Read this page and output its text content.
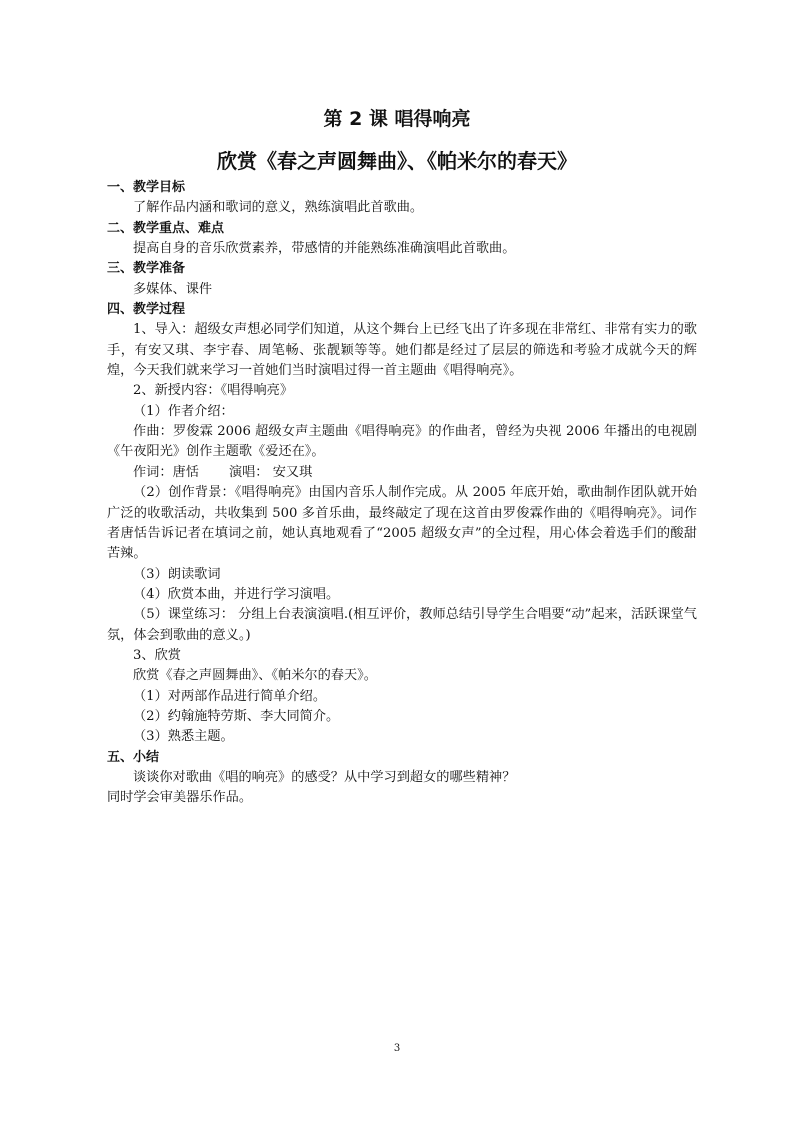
第 2 课 唱得响亮
欣赏《春之声圆舞曲》、《帕米尔的春天》
一、教学目标
了解作品内涵和歌词的意义，熟练演唱此首歌曲。
二、教学重点、难点
提高自身的音乐欣赏素养，带感情的并能熟练准确演唱此首歌曲。
三、教学准备
多媒体、课件
四、教学过程
1、导入：超级女声想必同学们知道，从这个舞台上已经飞出了许多现在非常红、非常有实力的歌手，有安又琪、李宇春、周笔畅、张靓颖等等。她们都是经过了层层的筛选和考验才成就今天的辉煌，今天我们就来学习一首她们当时演唱过得一首主题曲《唱得响亮》。
2、新授内容：《唱得响亮》
（1）作者介绍：
作曲：罗俊霖 2006 超级女声主题曲《唱得响亮》的作曲者，曾经为央视 2006 年播出的电视剧《午夜阳光》创作主题歌《爱还在》。
作词：唐恬 演唱： 安又琪
（2）创作背景：《唱得响亮》由国内音乐人制作完成。从 2005 年底开始，歌曲制作团队就开始广泛的收歌活动，共收集到 500 多首乐曲，最终敲定了现在这首由罗俊霖作曲的《唱得响亮》。词作者唐恬告诉记者在填词之前，她认真地观看了“2005 超级女声”的全过程，用心体会着选手们的酸甜苦辣。
（3）朗读歌词
（4）欣赏本曲，并进行学习演唱。
（5）课堂练习： 分组上台表演演唱.(相互评价，教师总结引导学生合唱要“动”起来，活跃课堂气氛，体会到歌曲的意义。)
3、欣赏
欣赏《春之声圆舞曲》、《帕米尔的春天》。
（1）对两部作品进行简单介绍。
（2）约翰施特劳斯、李大同简介。
（3）熟悉主题。
五、小结
谈谈你对歌曲《唱的响亮》的感受？从中学习到超女的哪些精神？
同时学会审美器乐作品。
3
